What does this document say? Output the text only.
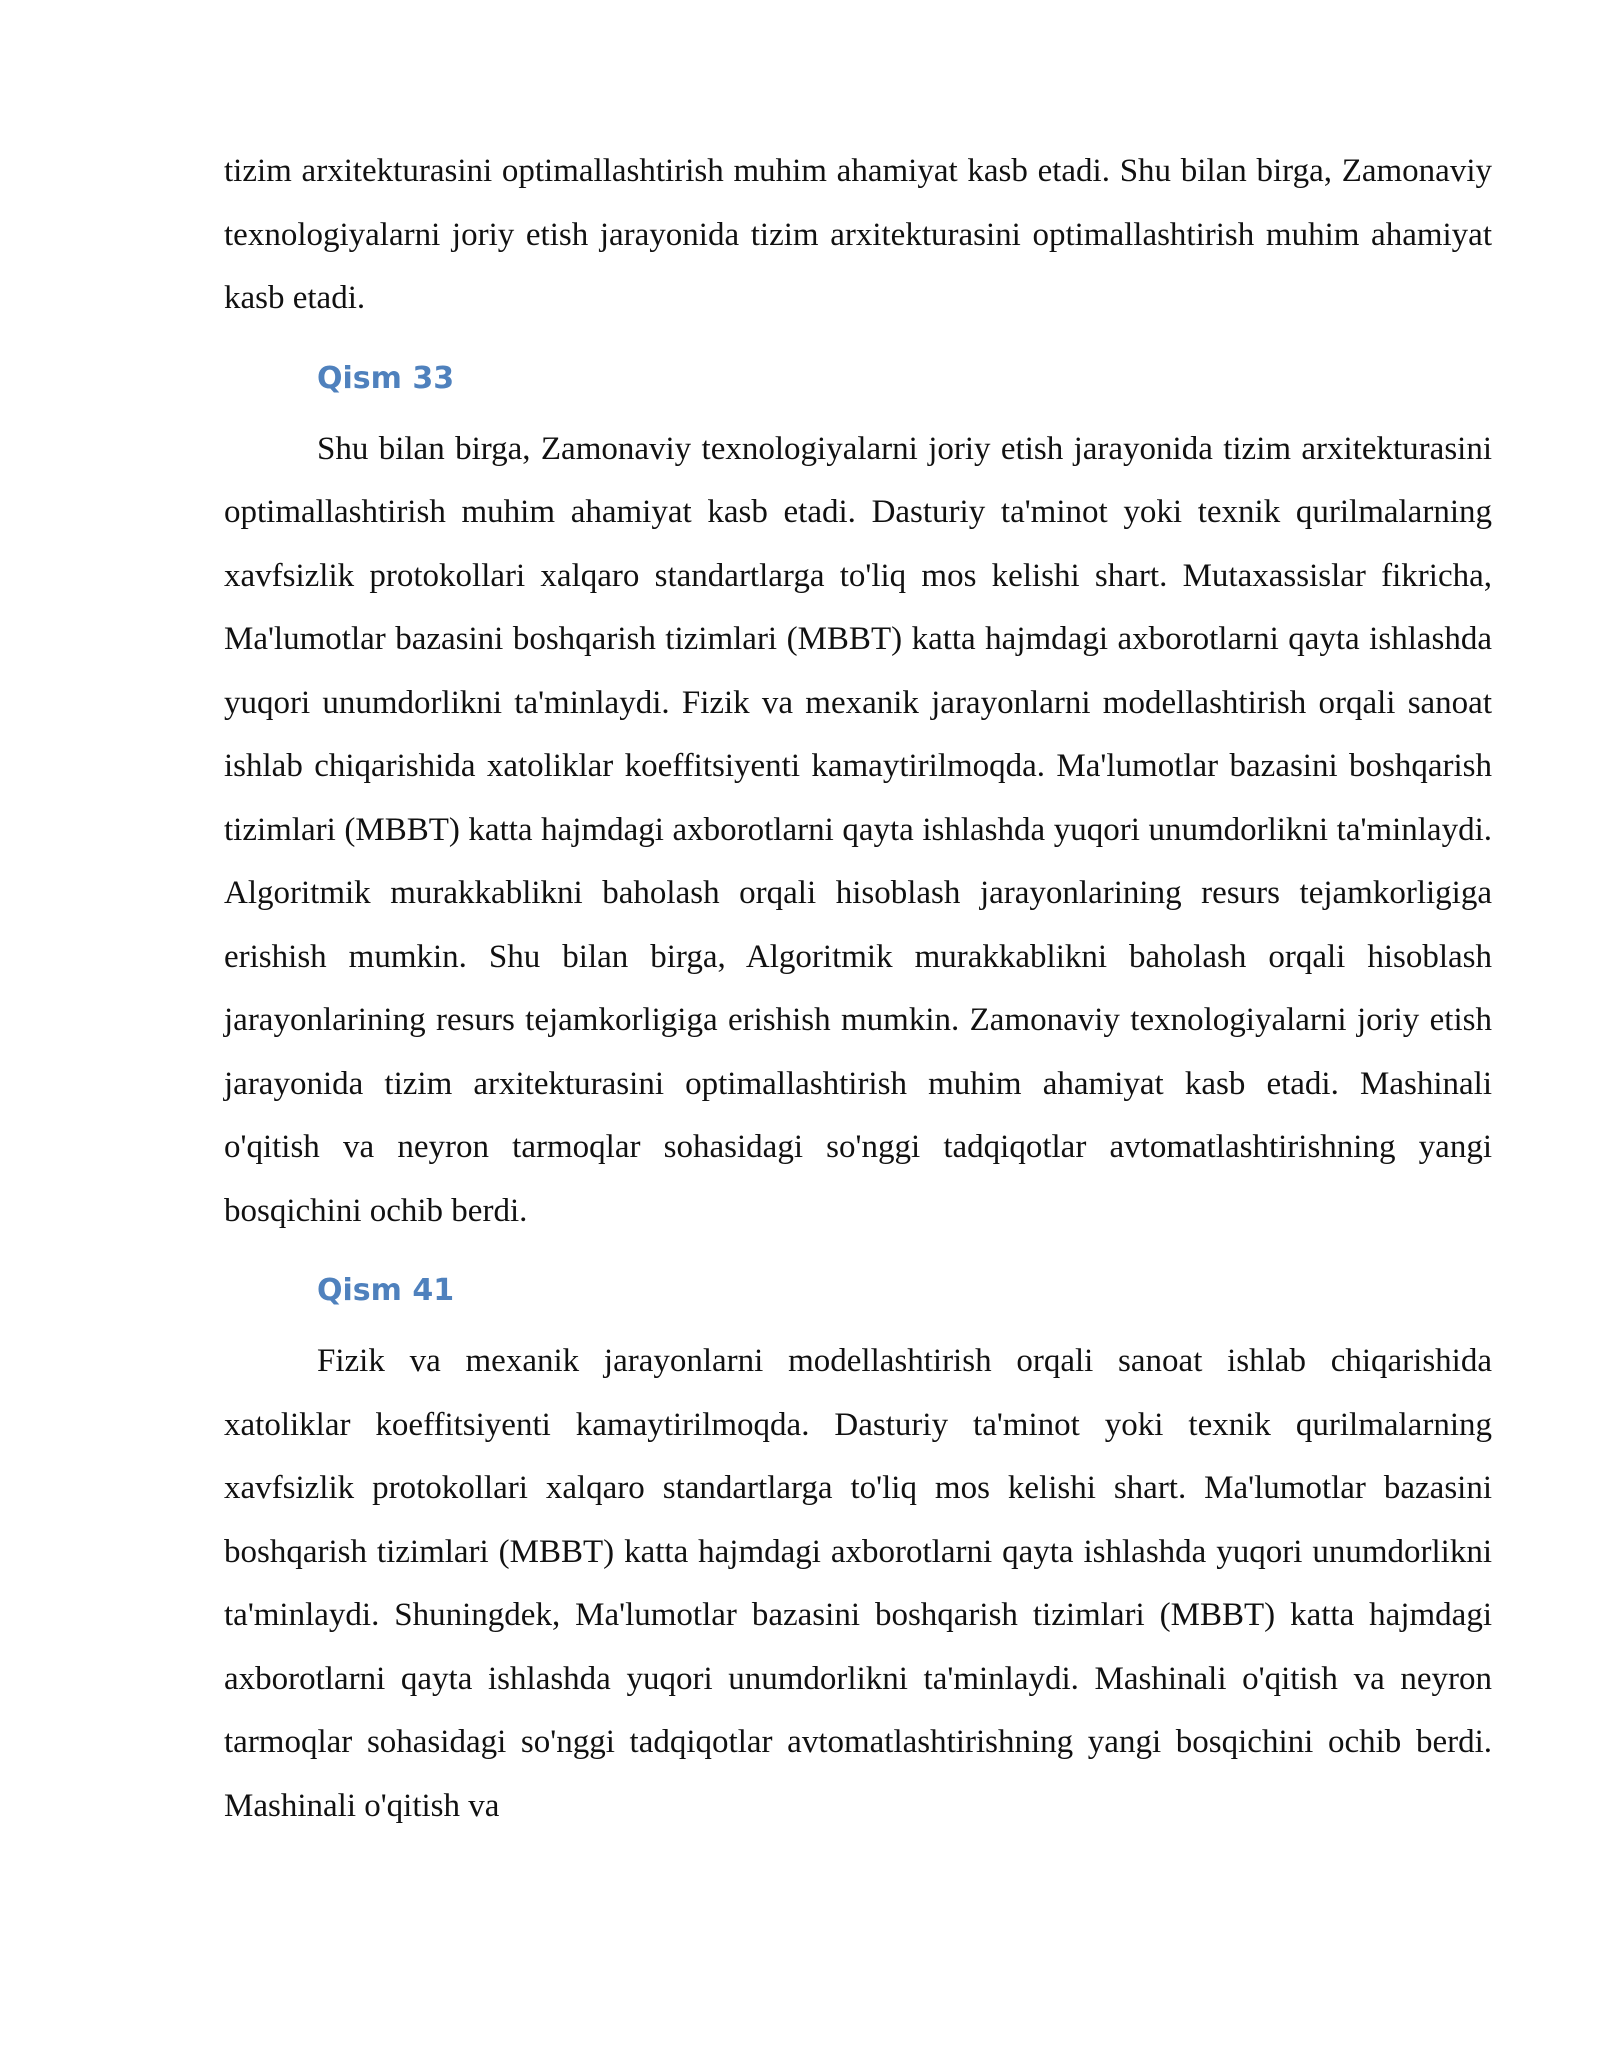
tizim arxitekturasini optimallashtirish muhim ahamiyat kasb etadi. Shu bilan birga, Zamonaviy texnologiyalarni joriy etish jarayonida tizim arxitekturasini optimallashtirish muhim ahamiyat kasb etadi.

Qism 33

Shu bilan birga, Zamonaviy texnologiyalarni joriy etish jarayonida tizim arxitekturasini optimallashtirish muhim ahamiyat kasb etadi. Dasturiy ta'minot yoki texnik qurilmalarning xavfsizlik protokollari xalqaro standartlarga to'liq mos kelishi shart. Mutaxassislar fikricha, Ma'lumotlar bazasini boshqarish tizimlari (MBBT) katta hajmdagi axborotlarni qayta ishlashda yuqori unumdorlikni ta'minlaydi. Fizik va mexanik jarayonlarni modellashtirish orqali sanoat ishlab chiqarishida xatoliklar koeffitsiyenti kamaytirilmoqda. Ma'lumotlar bazasini boshqarish tizimlari (MBBT) katta hajmdagi axborotlarni qayta ishlashda yuqori unumdorlikni ta'minlaydi. Algoritmik murakkablikni baholash orqali hisoblash jarayonlarining resurs tejamkorligiga erishish mumkin. Shu bilan birga, Algoritmik murakkablikni baholash orqali hisoblash jarayonlarining resurs tejamkorligiga erishish mumkin. Zamonaviy texnologiyalarni joriy etish jarayonida tizim arxitekturasini optimallashtirish muhim ahamiyat kasb etadi. Mashinali o'qitish va neyron tarmoqlar sohasidagi so'nggi tadqiqotlar avtomatlashtirishning yangi bosqichini ochib berdi.

Qism 41

Fizik va mexanik jarayonlarni modellashtirish orqali sanoat ishlab chiqarishida xatoliklar koeffitsiyenti kamaytirilmoqda. Dasturiy ta'minot yoki texnik qurilmalarning xavfsizlik protokollari xalqaro standartlarga to'liq mos kelishi shart. Ma'lumotlar bazasini boshqarish tizimlari (MBBT) katta hajmdagi axborotlarni qayta ishlashda yuqori unumdorlikni ta'minlaydi. Shuningdek, Ma'lumotlar bazasini boshqarish tizimlari (MBBT) katta hajmdagi axborotlarni qayta ishlashda yuqori unumdorlikni ta'minlaydi. Mashinali o'qitish va neyron tarmoqlar sohasidagi so'nggi tadqiqotlar avtomatlashtirishning yangi bosqichini ochib berdi. Mashinali o'qitish va
